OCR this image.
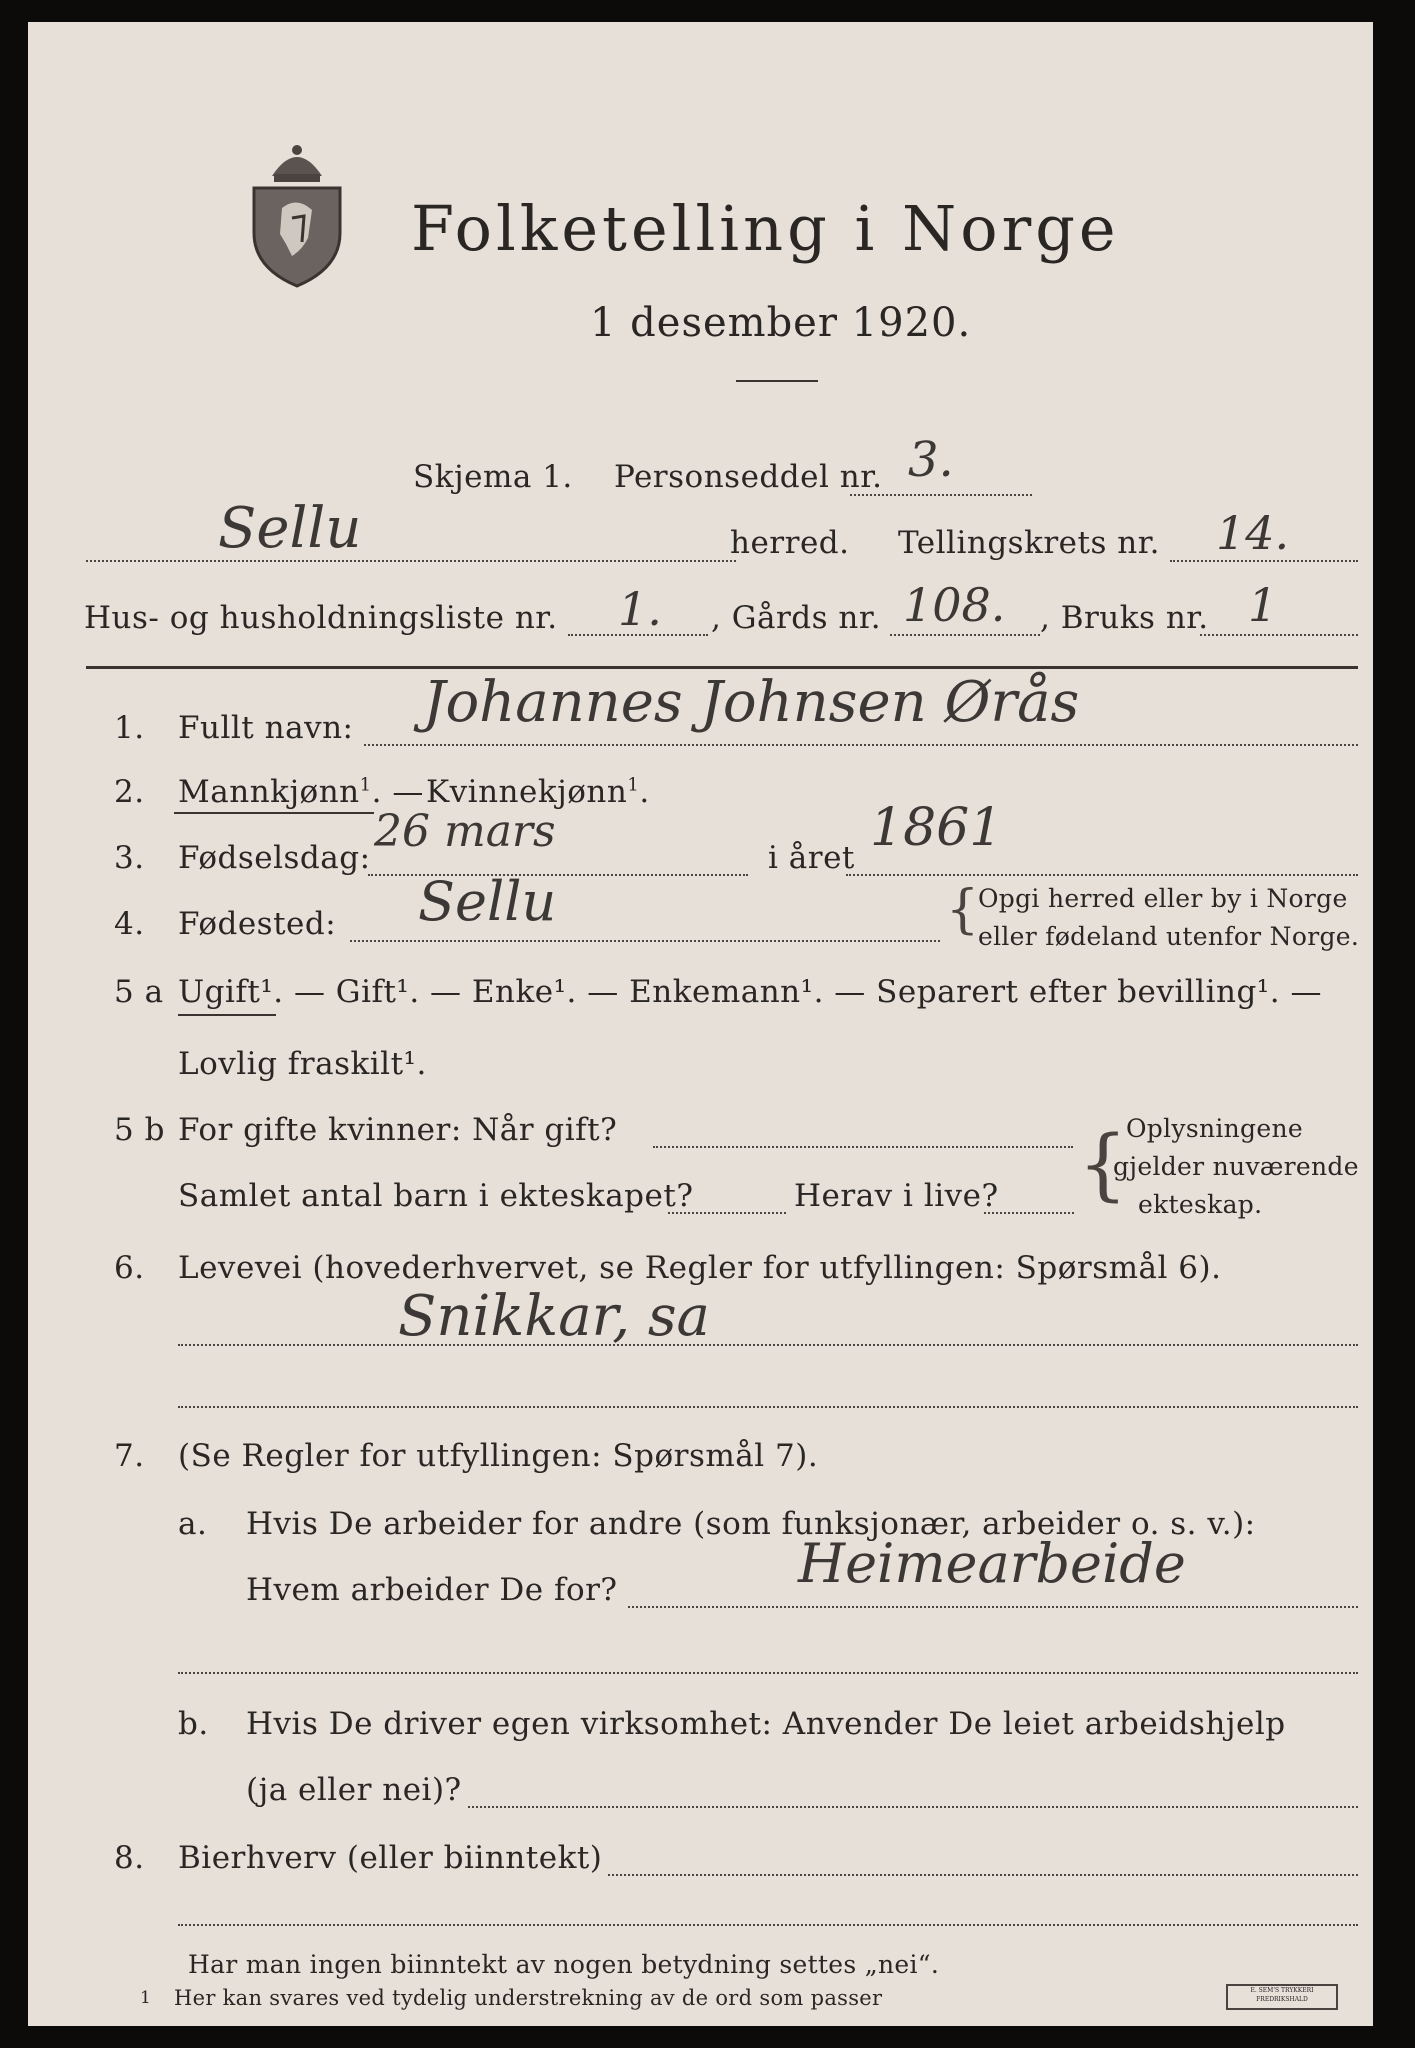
Folketelling i Norge
1 desember 1920.
Skjema 1. Personseddel nr. 3.
Sellu	herred. Tellingskrets nr. 14.
Hus- og husholdningsliste nr. 1. , Gårds nr. 108. , Bruks nr. 1
1. Fullt navn: Johannes Johnsen Ørås
2. Mannkjønn$^1$. — Kvinnekjønn$^1$.
3. Fødselsdag:
26 mars
i året 1861
4. Fødested: Sellu	{
Opgi herred eller by i Norge
eller fødeland utenfor Norge.
5 a Ugift¹. — Gift¹. — Enke¹. — Enkemann¹. — Separert efter bevilling¹. —
Lovlig fraskilt¹.
5 b For gifte kvinner: Når gift?
Samlet antal barn i ekteskapet?	Herav i live? {
Oplysningene
gjelder nuværende
ekteskap.
6. Levevei (hovederhvervet, se Regler for utfyllingen: Spørsmål 6).
Snikkar, sa
7. (Se Regler for utfyllingen: Spørsmål 7).
a. Hvis De arbeider for andre (som funksjonær, arbeider o. s. v.):
Hvem arbeider De for?	Heimearbeide
b. Hvis De driver egen virksomhet: Anvender De leiet arbeidshjelp
(ja eller nei)?
8. Bierhverv (eller biinntekt)
Har man ingen biinntekt av nogen betydning settes „nei“.
1 Her kan svares ved tydelig understrekning av de ord som passer	E. SEM'S TRYKKERI FREDRIKSHALD
